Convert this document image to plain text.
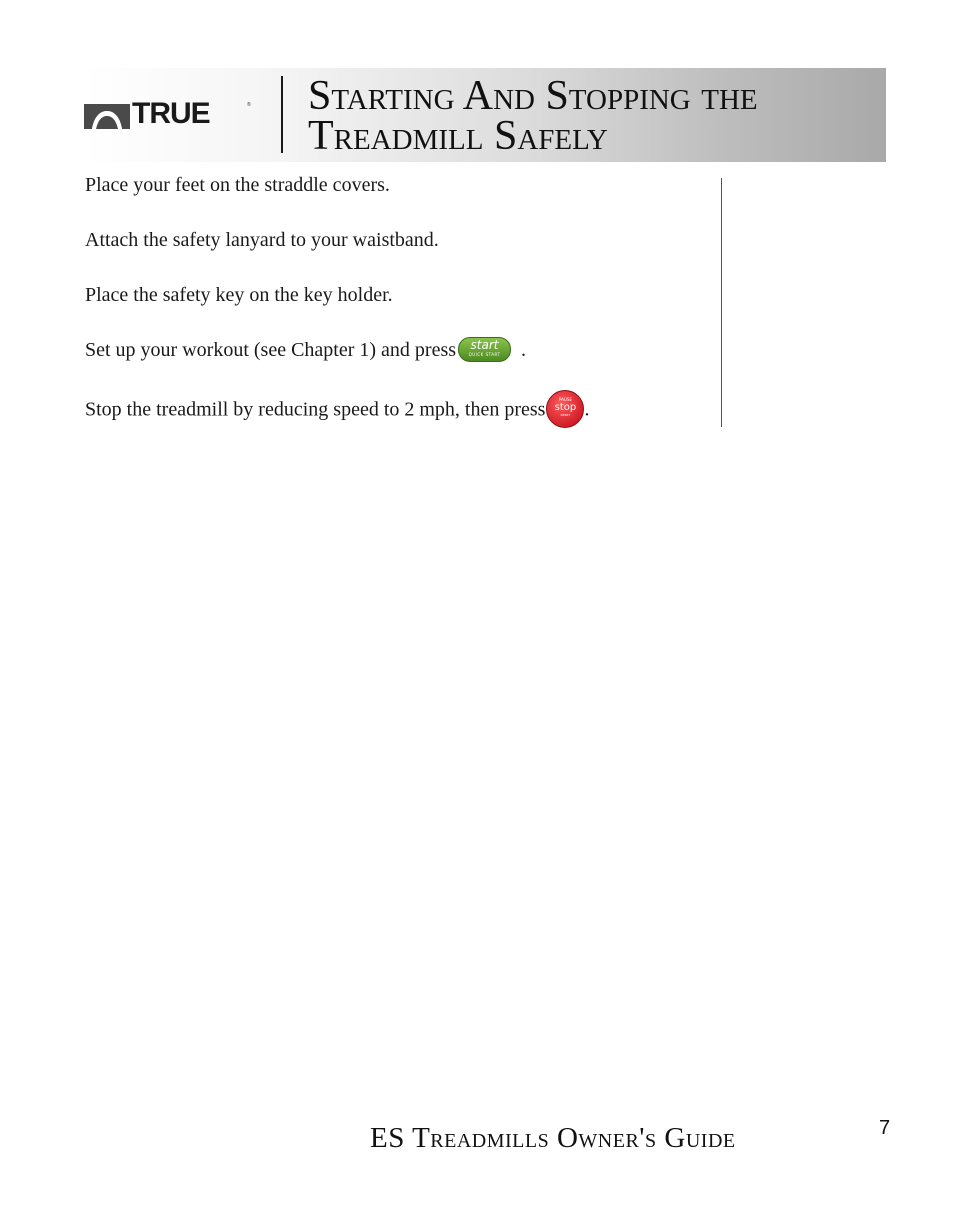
TRUE	® Starting And Stopping the Treadmill Safely

Place your feet on the straddle covers.

Attach the safety lanyard to your waistband.

Place the safety key on the key holder.

Set up your workout (see Chapter 1) and press	start
QUICK START	.

Stop the treadmill by reducing speed to 2 mph, then press	PAUSE
stop
RESET .

ES Treadmills Owner's Guide	7
